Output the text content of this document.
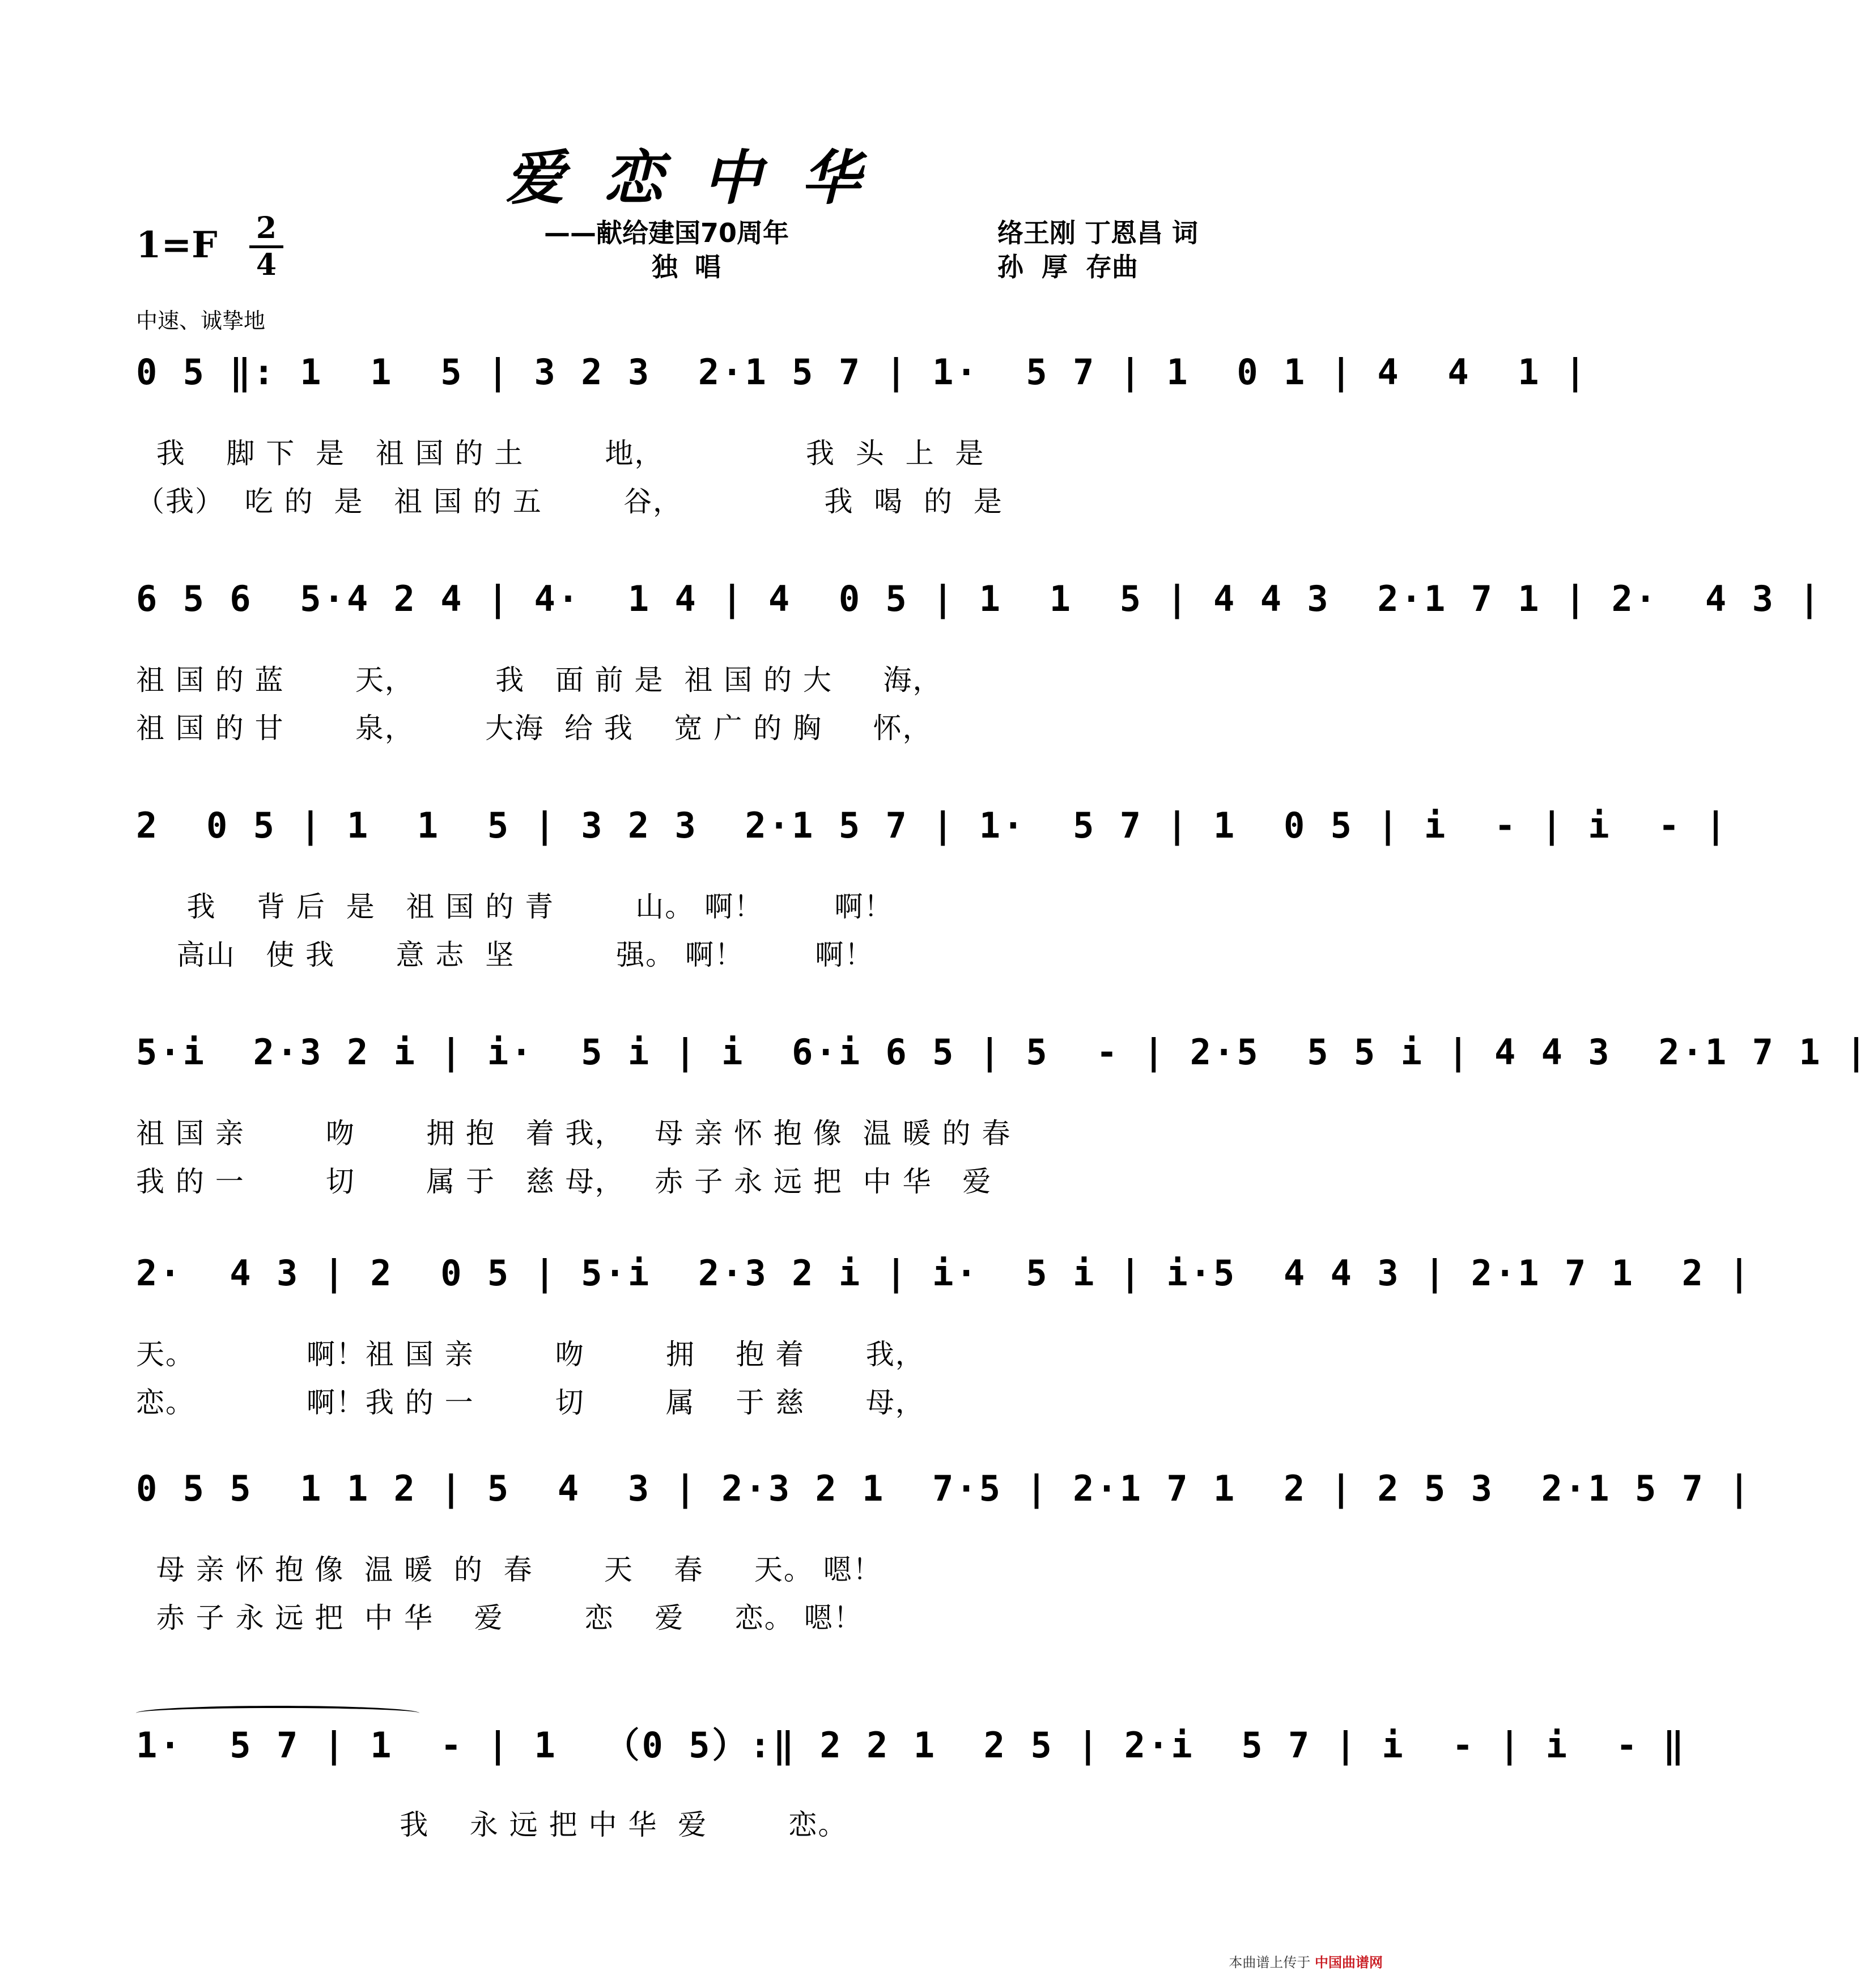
爱恋中华
1=F 2
4
——献给建国70周年
独唱
络王刚 丁恩昌 词
孙  厚  存曲
中速、诚挚地
0 5 ‖: 1  1  5 | 3 2 3  2·1 5 7 | 1·  5 7 | 1  0 1 | 4  4  1 |
我    脚 下  是   祖 国 的 土        地，              我  头  上  是
（我）  吃 的  是   祖 国 的 五        谷，              我  喝  的  是
6 5 6  5·4 2 4 | 4·  1 4 | 4  0 5 | 1  1  5 | 4 4 3  2·1 7 1 | 2·  4 3 |
祖 国 的 蓝       天，        我   面 前 是  祖 国 的 大     海，
祖 国 的 甘       泉，       大海  给 我    宽 广 的 胸     怀，
2  0 5 | 1  1  5 | 3 2 3  2·1 5 7 | 1·  5 7 | 1  0 5 | i  - | i  - |
我    背 后  是   祖 国 的 青        山。 啊！       啊！
高山   使 我      意 志  坚          强。 啊！       啊！
5·i  2·3 2 i | i·  5 i | i  6·i 6 5 | 5  - | 2·5  5 5 i | 4 4 3  2·1 7 1 |
祖 国 亲        吻       拥 抱   着 我，   母 亲 怀 抱 像  温 暖 的 春
我 的 一        切       属 于   慈 母，   赤 子 永 远 把  中 华   爱
2·  4 3 | 2  0 5 | 5·i  2·3 2 i | i·  5 i | i·5  4 4 3 | 2·1 7 1  2 |
天。           啊！祖 国 亲        吻        拥    抱 着      我，
恋。           啊！我 的 一        切        属    于 慈      母，
0 5 5  1 1 2 | 5  4  3 | 2·3 2 1  7·5 | 2·1 7 1  2 | 2 5 3  2·1 5 7 |
母 亲 怀 抱 像  温 暖  的  春       天    春     天。 嗯！
赤 子 永 远 把  中 华    爱        恋    爱     恋。 嗯！
1·  5 7 | 1  - | 1  （0 5）:‖ 2 2 1  2 5 | 2·i  5 7 | i  - | i  - ‖
我    永 远 把 中 华  爱        恋。
本曲谱上传于 中国曲谱网
